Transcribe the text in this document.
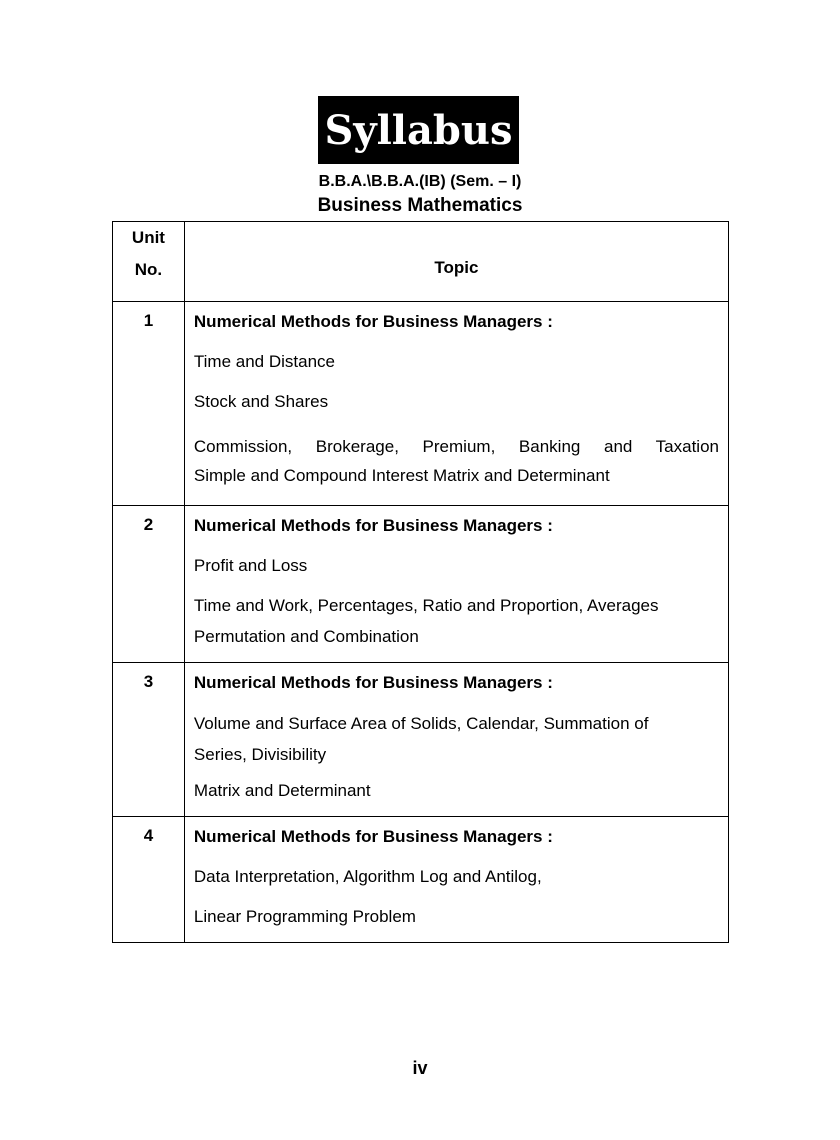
Syllabus
B.B.A.\B.B.A.(IB) (Sem. – I)
Business Mathematics
Unit
No.	Topic
1	Numerical Methods for Business Managers :
Time and Distance
Stock and Shares
Commission, Brokerage, Premium, Banking and Taxation
Simple and Compound Interest Matrix and Determinant

2	Numerical Methods for Business Managers :
Profit and Loss
Time and Work, Percentages, Ratio and Proportion, Averages
Permutation and Combination

3	Numerical Methods for Business Managers :
Volume and Surface Area of Solids, Calendar, Summation of Series, Divisibility
Matrix and Determinant

4	Numerical Methods for Business Managers :
Data Interpretation, Algorithm Log and Antilog,
Linear Programming Problem
iv
